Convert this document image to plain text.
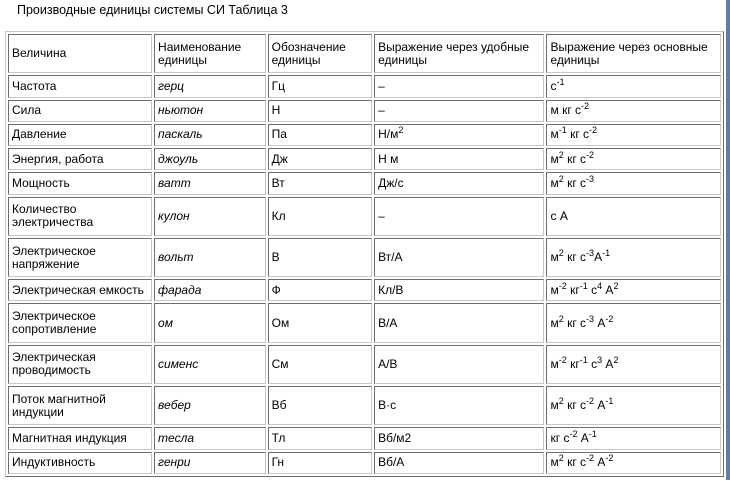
Производные единицы системы СИ Таблица 3
Величина	Наименование единицы	Обозначение единицы	Выражение через удобные единицы	Выражение через основные единицы
Частота	герц	Гц	–	$с^{-1}$
Сила	ньютон	Н	–	м кг $с^{-2}$
Давление	паскаль	Па	$Н/м^2$	$м^{-1}$ кг $с^{-2}$
Энергия, работа	джоуль	Дж	Н м	$м^2$ кг $с^{-2}$
Мощность	ватт	Вт	Дж/с	$м^2$ кг $с^{-3}$
Количество электричества	кулон	Кл	–	с А
Электрическое напряжение	вольт	В	Вт/А	$м^2$ кг $с^{-3}А^{-1}$
Электрическая емкость	фарада	Ф	Кл/В	$м^{-2}$ $кг^{-1}$ $с^4$ $А^2$
Электрическое сопротивление	ом	Ом	В/А	$м^2$ кг $с^{-3}$ $А^{-2}$
Электрическая проводимость	сименс	См	А/В	$м^{-2}$ $кг^{-1}$ $с^3$ $А^2$
Поток магнитной индукции	вебер	Вб	В·с	$м^2$ кг $с^{-2}$ $А^{-1}$
Магнитная индукция	тесла	Тл	Вб/м2	кг $с^{-2}$ $А^{-1}$
Индуктивность	генри	Гн	Вб/А	$м^2$ кг $с^{-2}$ $А^{-2}$
